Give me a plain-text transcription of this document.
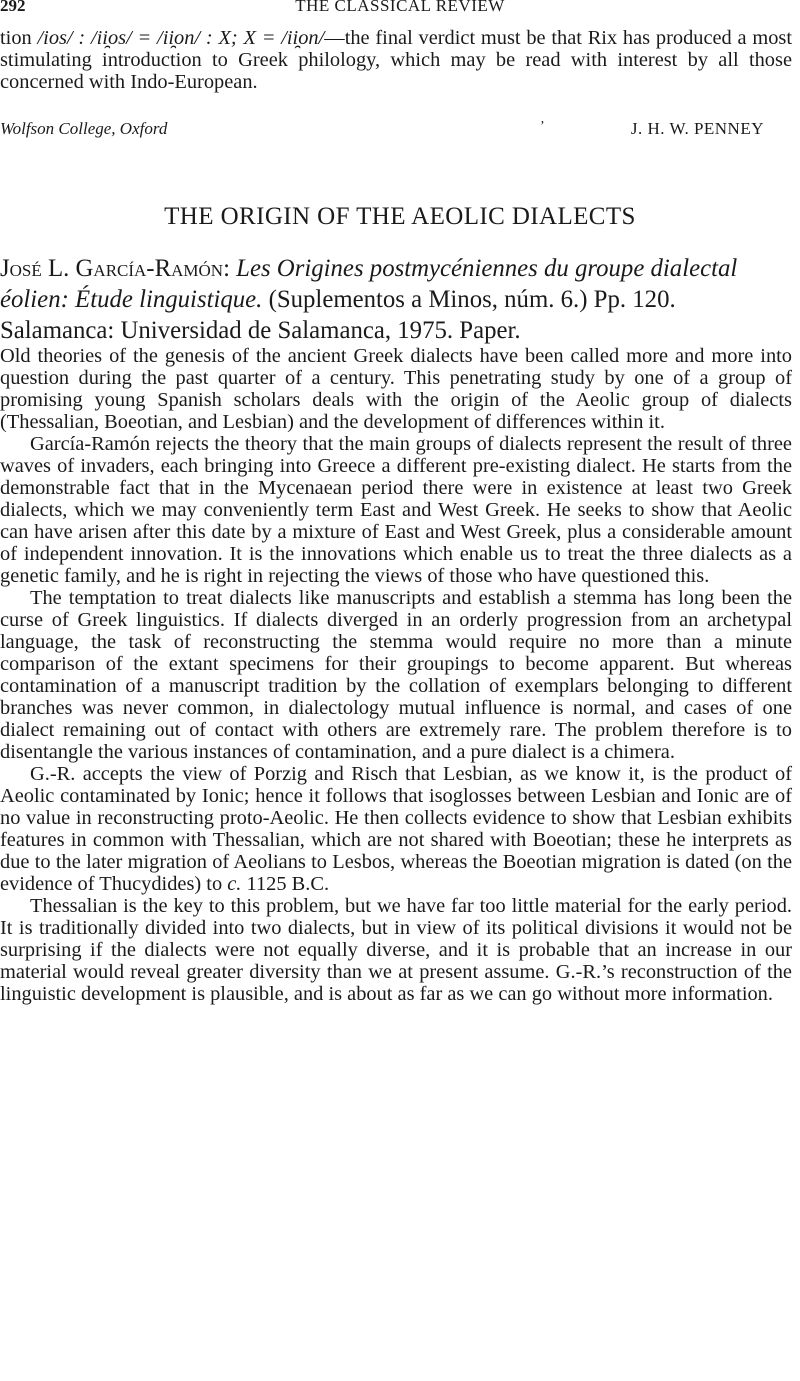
292	THE CLASSICAL REVIEW

tion /ios/ : /ii̯os/ = /ii̯on/ : X; X = /ii̯on/—the final verdict must be that Rix has produced a most stimulating introduction to Greek philology, which may be read with interest by all those concerned with Indo-European.

Wolfson College, Oxford	ʼ	J. H. W. PENNEY
THE ORIGIN OF THE AEOLIC DIALECTS

José L. García-Ramón: Les Origines postmycéniennes du groupe dialectal éolien: Étude linguistique. (Suplementos a Minos, núm. 6.) Pp. 120. Salamanca: Universidad de Salamanca, 1975. Paper.

Old theories of the genesis of the ancient Greek dialects have been called more and more into question during the past quarter of a century. This penetrating study by one of a group of promising young Spanish scholars deals with the origin of the Aeolic group of dialects (Thessalian, Boeotian, and Lesbian) and the development of differences within it.

García-Ramón rejects the theory that the main groups of dialects represent the result of three waves of invaders, each bringing into Greece a different pre-existing dialect. He starts from the demonstrable fact that in the Mycenaean period there were in existence at least two Greek dialects, which we may conveniently term East and West Greek. He seeks to show that Aeolic can have arisen after this date by a mixture of East and West Greek, plus a considerable amount of independent innovation. It is the innovations which enable us to treat the three dialects as a genetic family, and he is right in rejecting the views of those who have questioned this.

The temptation to treat dialects like manuscripts and establish a stemma has long been the curse of Greek linguistics. If dialects diverged in an orderly progression from an archetypal language, the task of reconstructing the stemma would require no more than a minute comparison of the extant specimens for their groupings to become apparent. But whereas contamination of a manuscript tradition by the collation of exemplars belonging to different branches was never common, in dialectology mutual influence is normal, and cases of one dialect remaining out of contact with others are extremely rare. The problem therefore is to disentangle the various instances of contamination, and a pure dialect is a chimera.

G.-R. accepts the view of Porzig and Risch that Lesbian, as we know it, is the product of Aeolic contaminated by Ionic; hence it follows that isoglosses between Lesbian and Ionic are of no value in reconstructing proto-Aeolic. He then collects evidence to show that Lesbian exhibits features in common with Thessalian, which are not shared with Boeotian; these he interprets as due to the later migration of Aeolians to Lesbos, whereas the Boeotian migration is dated (on the evidence of Thucydides) to c. 1125 B.C.

Thessalian is the key to this problem, but we have far too little material for the early period. It is traditionally divided into two dialects, but in view of its political divisions it would not be surprising if the dialects were not equally diverse, and it is probable that an increase in our material would reveal greater diversity than we at present assume. G.-R.’s reconstruction of the linguistic development is plausible, and is about as far as we can go without more information.
